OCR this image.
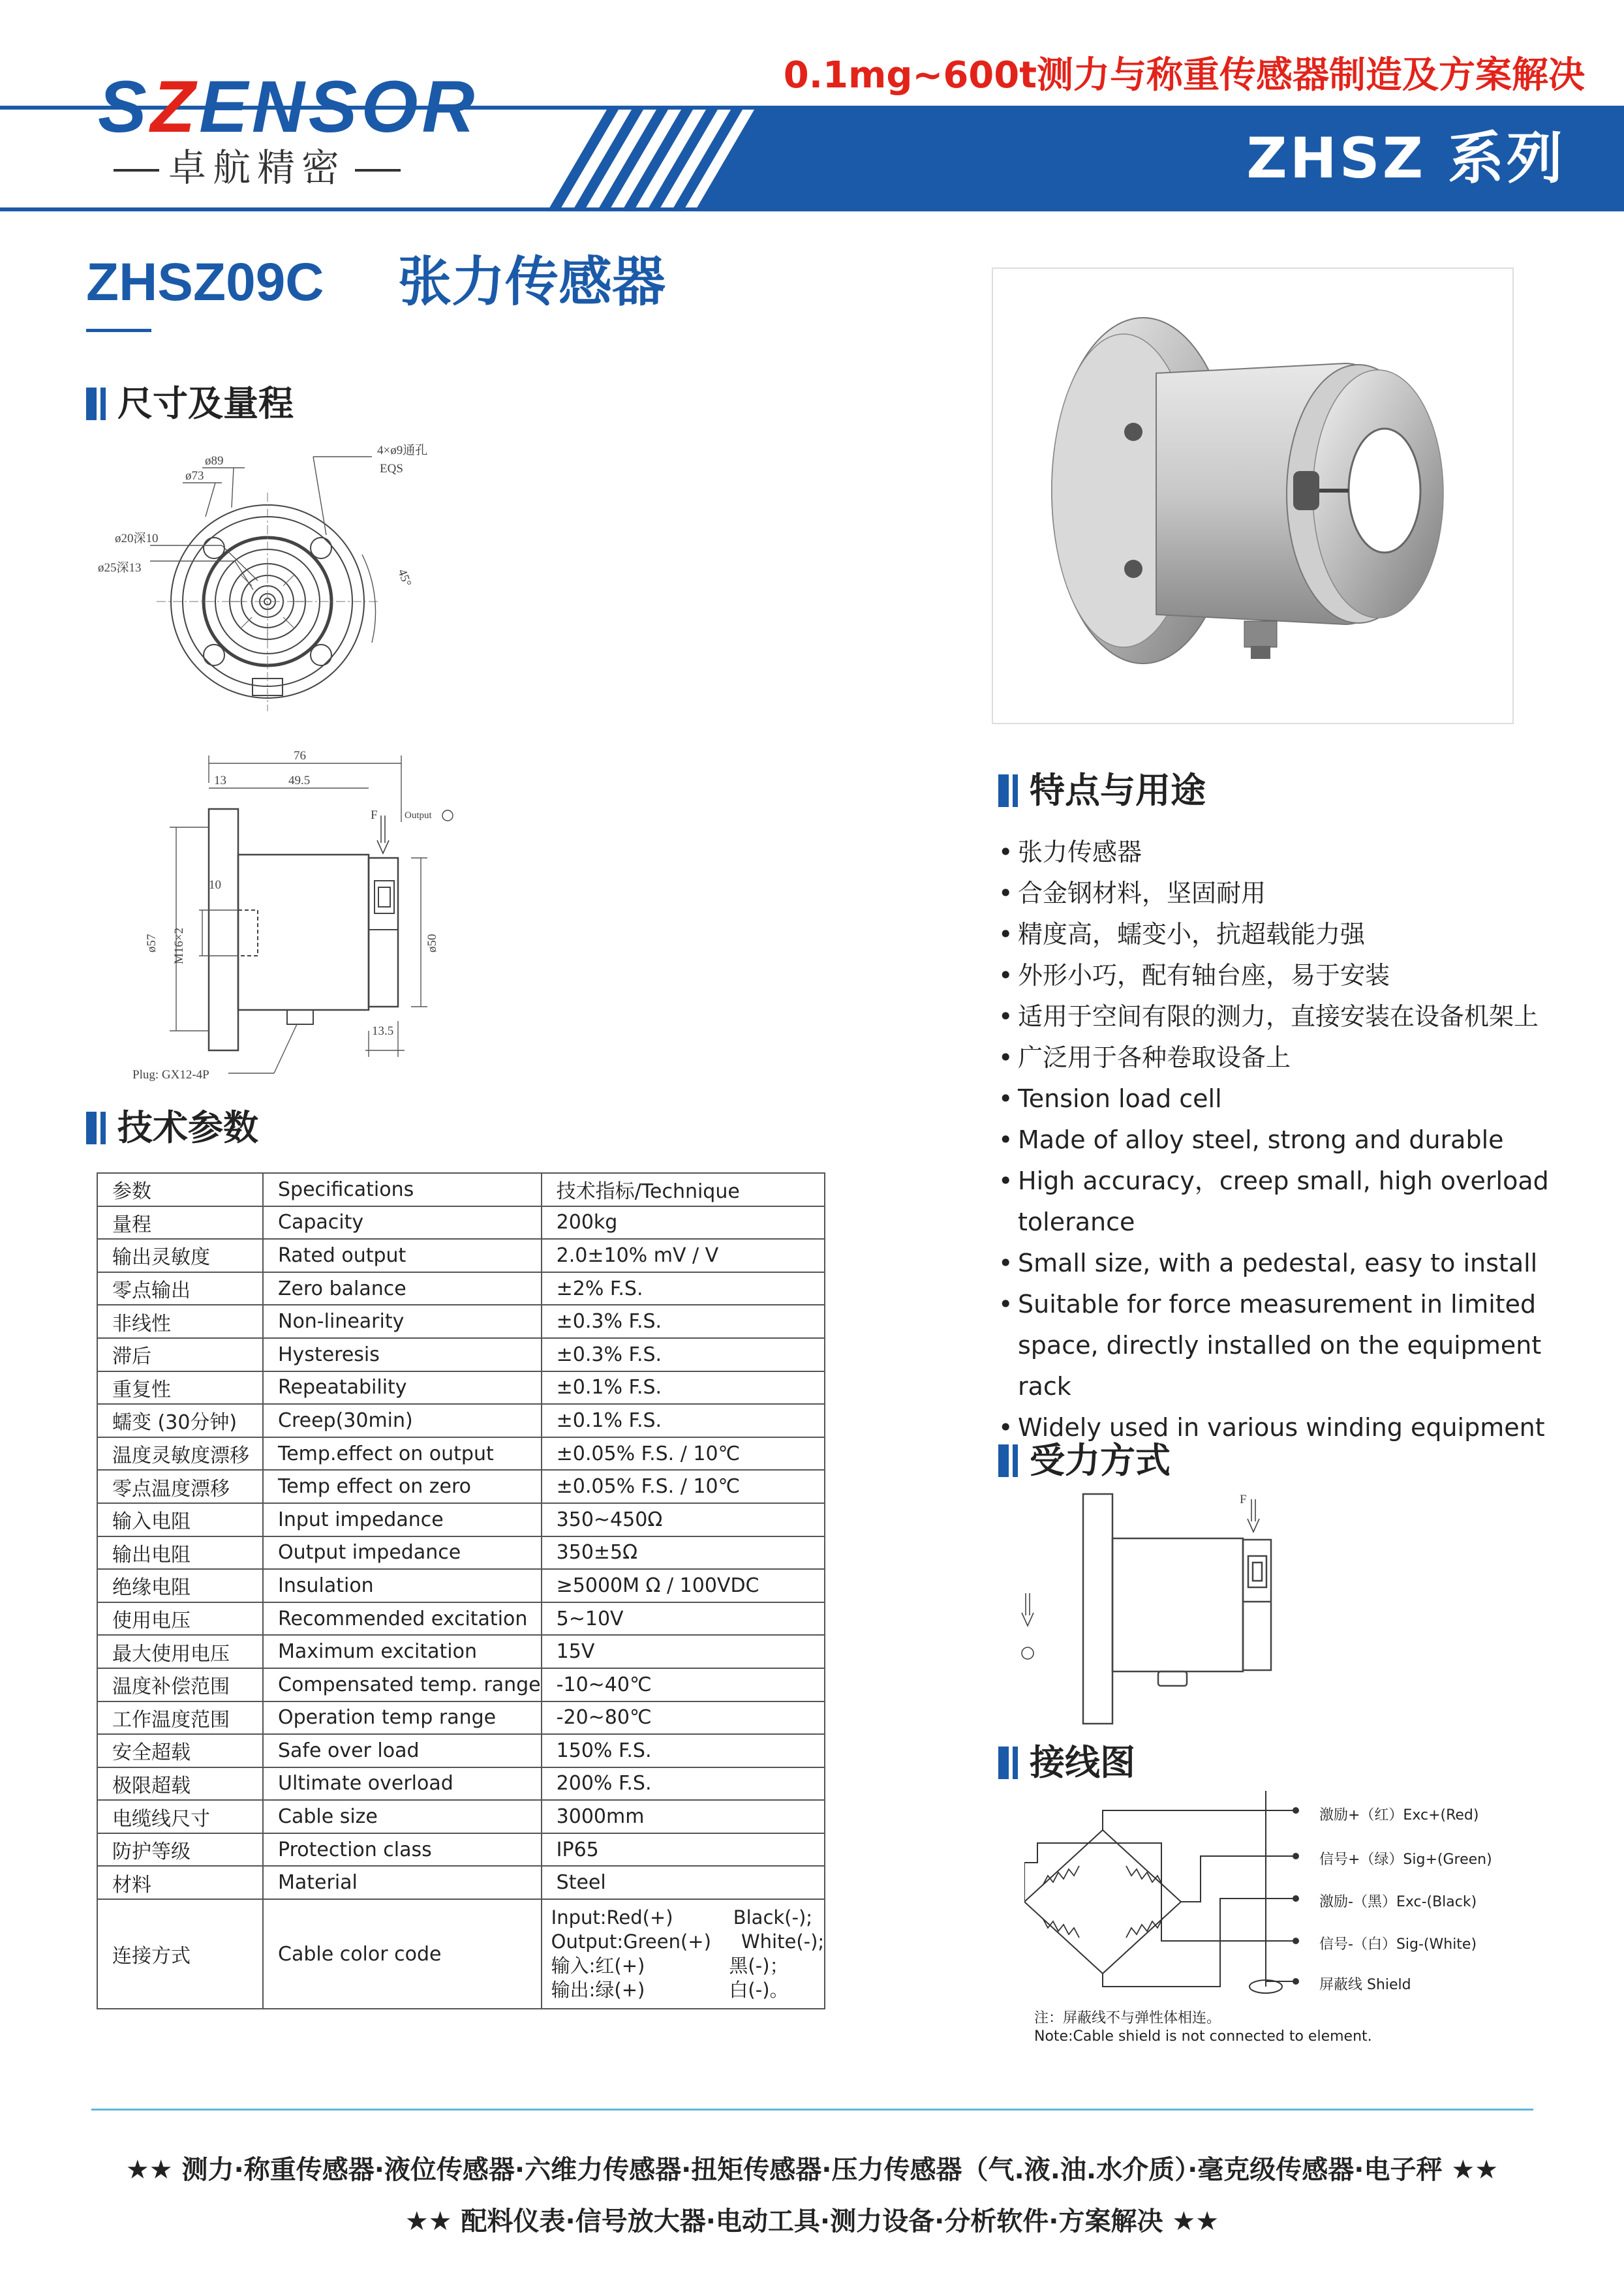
SZENSOR
卓航精密
0.1mg~600t测力与称重传感器制造及方案解决
ZHSZ 系列
ZHSZ09C 张力传感器
尺寸及量程
ø89
ø73
ø20深10
ø25深13
4×ø9通孔
EQS
45°
76
13	49.5
10
ø57 M16×2	ø50
13.5
Plug: GX12-4P
F	Output
特点与用途
• 张力传感器
• 合金钢材料，坚固耐用
• 精度高，蠕变小，抗超载能力强
• 外形小巧，配有轴台座，易于安装
• 适用于空间有限的测力，直接安装在设备机架上
• 广泛用于各种卷取设备上
• Tension load cell
• Made of alloy steel, strong and durable
• High accuracy，creep small, high overload tolerance
• Small size, with a pedestal, easy to install
• Suitable for force measurement in limited space, directly installed on the equipment rack
• Widely used in various winding equipment
受力方式
F
接线图
激励+（红）Exc+(Red)
信号+（绿）Sig+(Green)
激励-（黑）Exc-(Black)
信号-（白）Sig-(White)
屏蔽线 Shield
注：屏蔽线不与弹性体相连。
Note:Cable shield is not connected to element.
技术参数
参数	Specifications	技术指标/Technique
量程	Capacity	200kg
输出灵敏度	Rated output	2.0±10% mV / V
零点输出	Zero balance	±2% F.S.
非线性	Non-linearity	±0.3% F.S.
滞后	Hysteresis	±0.3% F.S.
重复性	Repeatability	±0.1% F.S.
蠕变 (30分钟)	Creep(30min)	±0.1% F.S.
温度灵敏度漂移	Temp.effect on output	±0.05% F.S. / 10℃
零点温度漂移	Temp effect on zero	±0.05% F.S. / 10℃
输入电阻	Input impedance	350~450Ω
输出电阻	Output impedance	350±5Ω
绝缘电阻	Insulation	≥5000M Ω / 100VDC
使用电压	Recommended excitation	5~10V
最大使用电压	Maximum excitation	15V
温度补偿范围	Compensated temp. range	-10~40℃
工作温度范围	Operation temp range	-20~80℃
安全超载	Safe over load	150% F.S.
极限超载	Ultimate overload	200% F.S.
电缆线尺寸	Cable size	3000mm
防护等级	Protection class	IP65
材料	Material	Steel
连接方式	Cable color code	Input:Red(+)          Black(-);
Output:Green(+)     White(-);
输入:红(+)              黑(-)；
输出:绿(+)              白(-)。
★★ 测力·称重传感器·液位传感器·六维力传感器·扭矩传感器·压力传感器（气.液.油.水介质）·毫克级传感器·电子秤 ★★
★★ 配料仪表·信号放大器·电动工具·测力设备·分析软件·方案解决 ★★
